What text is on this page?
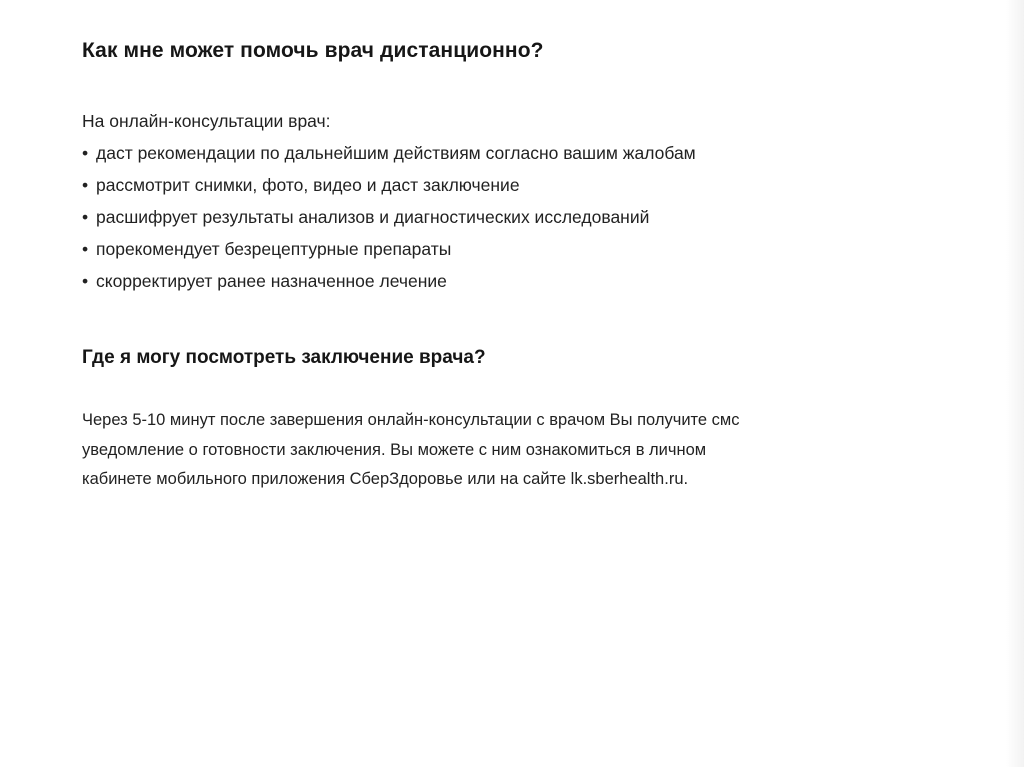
Как мне может помочь врач дистанционно?
На онлайн-консультации врач:
• даст рекомендации по дальнейшим действиям согласно вашим жалобам
• рассмотрит снимки, фото, видео и даст заключение
• расшифрует результаты анализов и диагностических исследований
• порекомендует безрецептурные препараты
• скорректирует ранее назначенное лечение
Где я могу посмотреть заключение врача?
Через 5-10 минут после завершения онлайн-консультации с врачом Вы получите смс
уведомление о готовности заключения. Вы можете с ним ознакомиться в личном
кабинете мобильного приложения СберЗдоровье или на сайте lk.sberhealth.ru.
